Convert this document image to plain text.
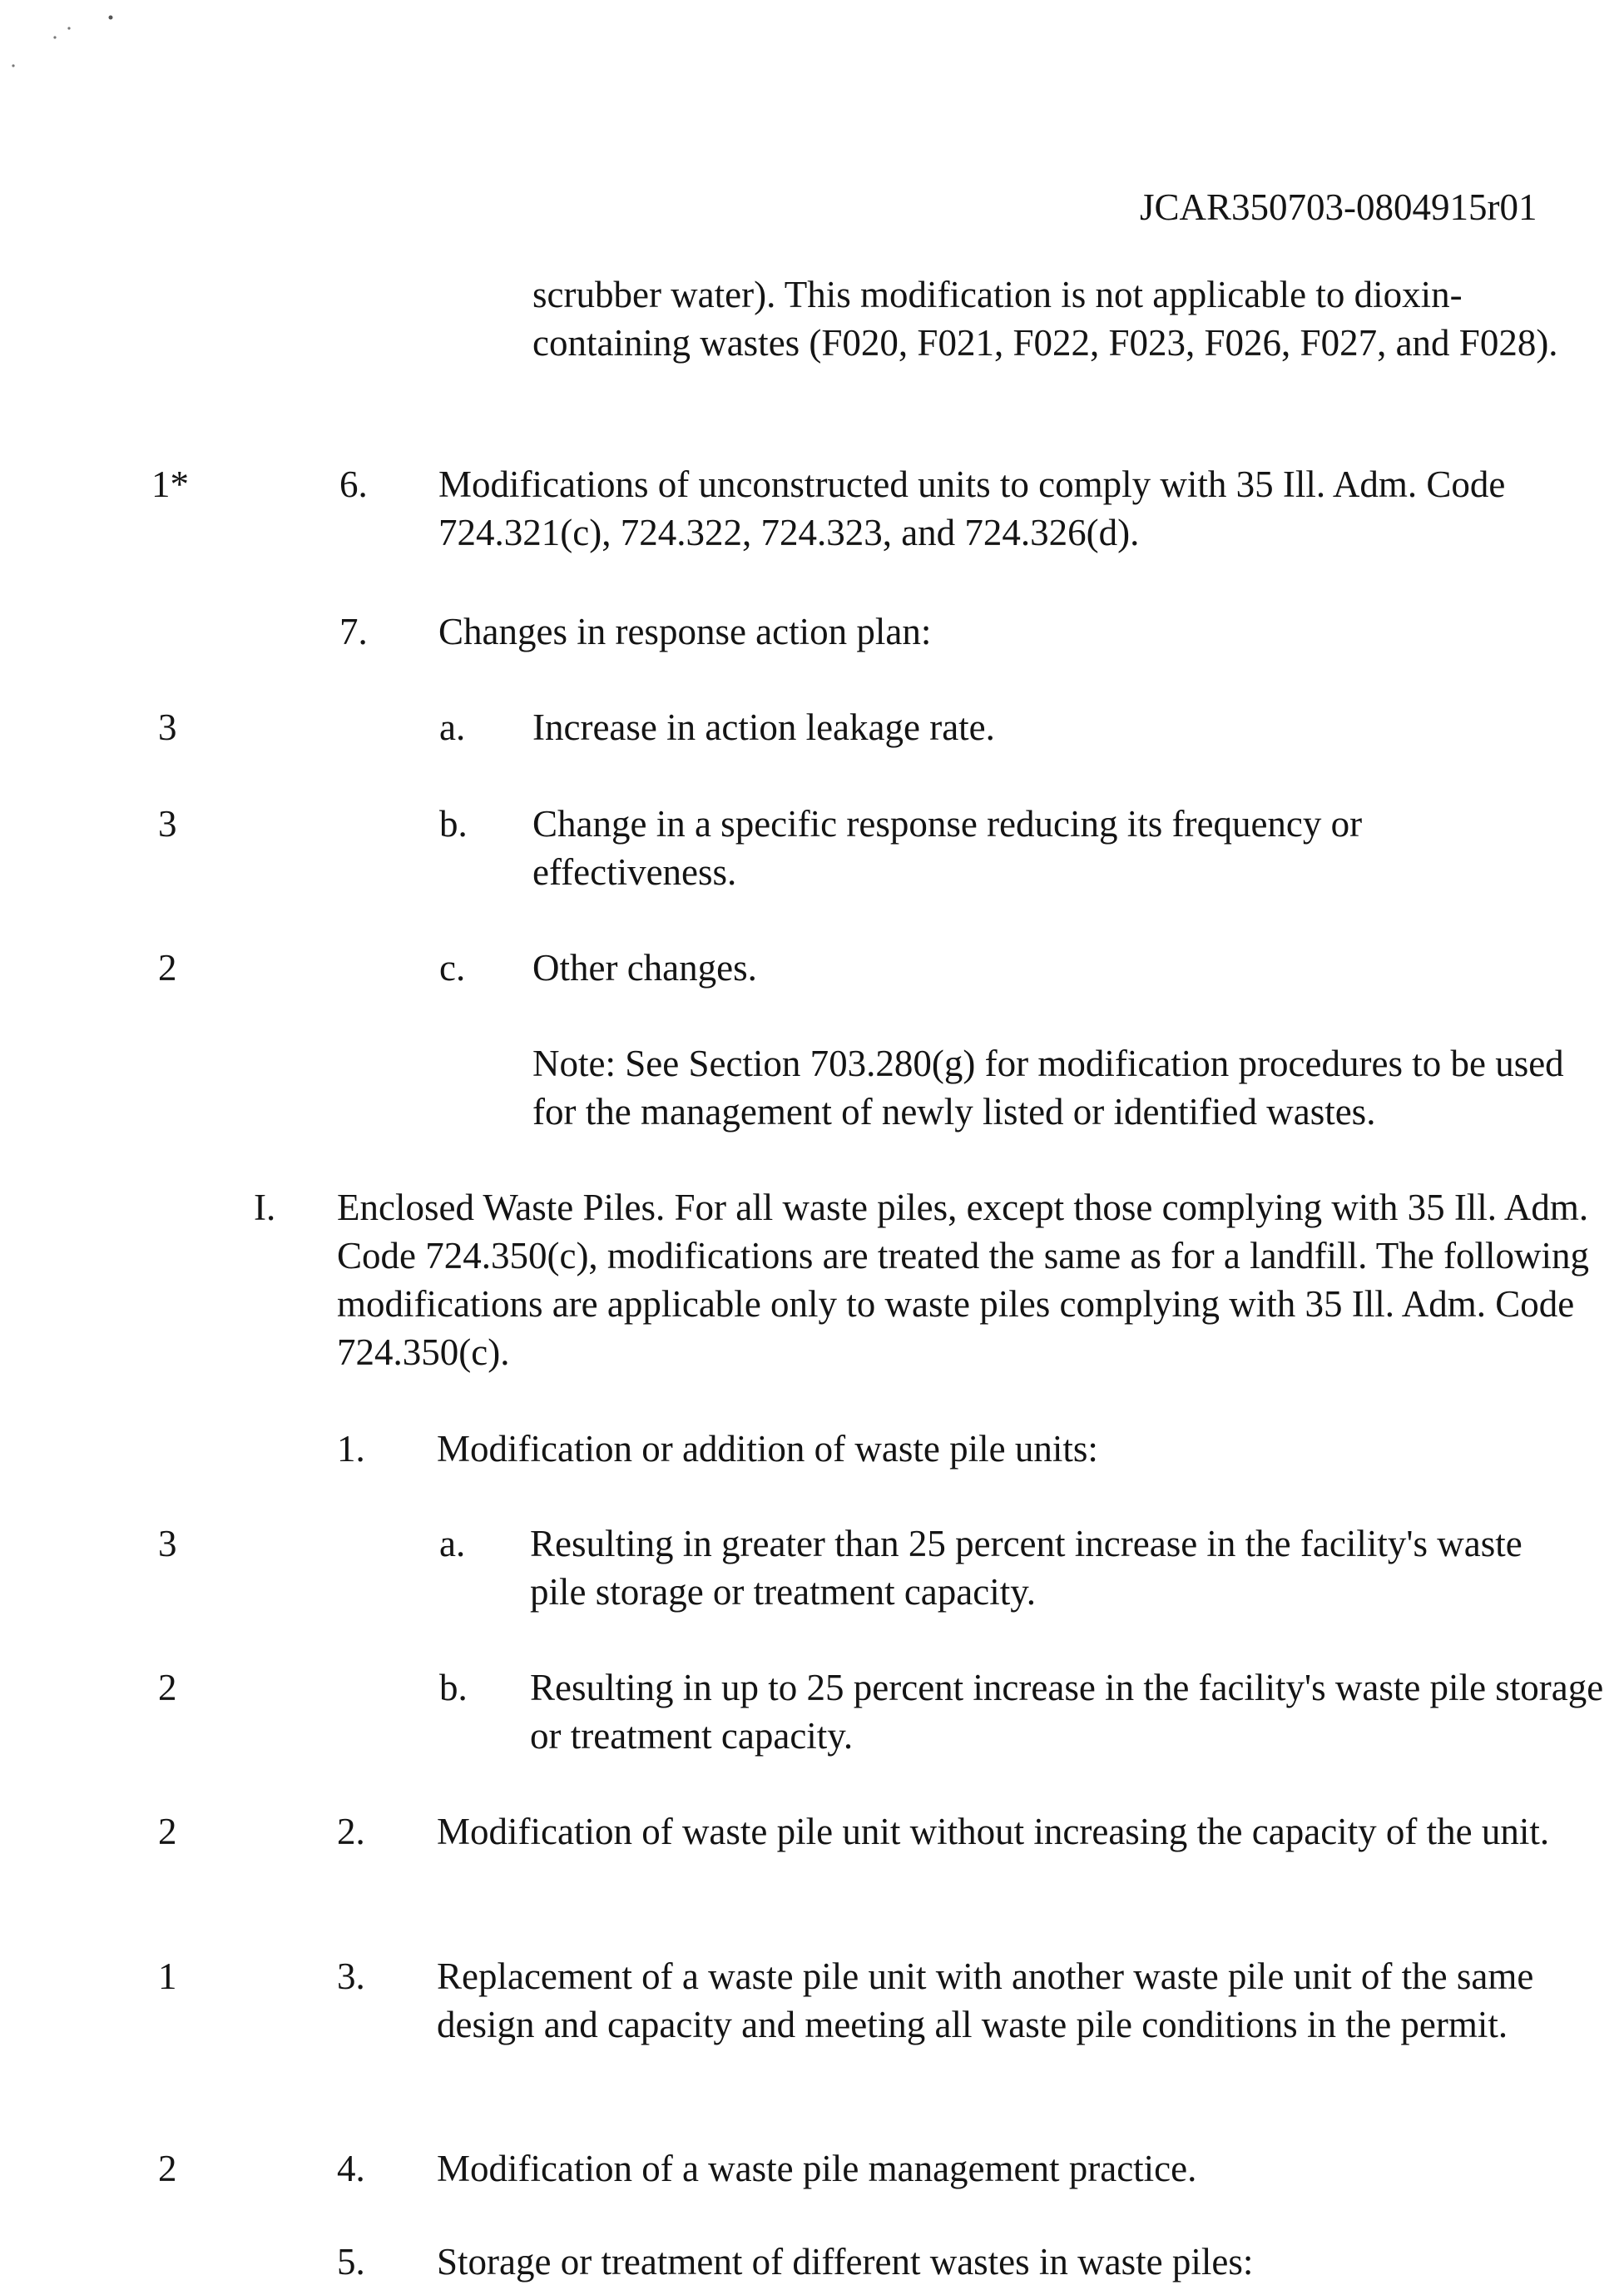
JCAR350703-0804915r01
scrubber water). This modification is not applicable to dioxin-containing wastes (F020, F021, F022, F023, F026, F027, and F028).
1*	6. Modifications of unconstructed units to comply with 35 Ill. Adm. Code 724.321(c), 724.322, 724.323, and 724.326(d).
7. Changes in response action plan:
3	a. Increase in action leakage rate.
3	b. Change in a specific response reducing its frequency or effectiveness.
2	c. Other changes.
Note: See Section 703.280(g) for modification procedures to be used for the management of newly listed or identified wastes.
I. Enclosed Waste Piles. For all waste piles, except those complying with 35 Ill. Adm. Code 724.350(c), modifications are treated the same as for a landfill. The following modifications are applicable only to waste piles complying with 35 Ill. Adm. Code 724.350(c).
1. Modification or addition of waste pile units:
3	a. Resulting in greater than 25 percent increase in the facility's waste pile storage or treatment capacity.
2	b. Resulting in up to 25 percent increase in the facility's waste pile storage or treatment capacity.
2	2. Modification of waste pile unit without increasing the capacity of the unit.
1	3. Replacement of a waste pile unit with another waste pile unit of the same design and capacity and meeting all waste pile conditions in the permit.
2	4. Modification of a waste pile management practice.
5. Storage or treatment of different wastes in waste piles:
